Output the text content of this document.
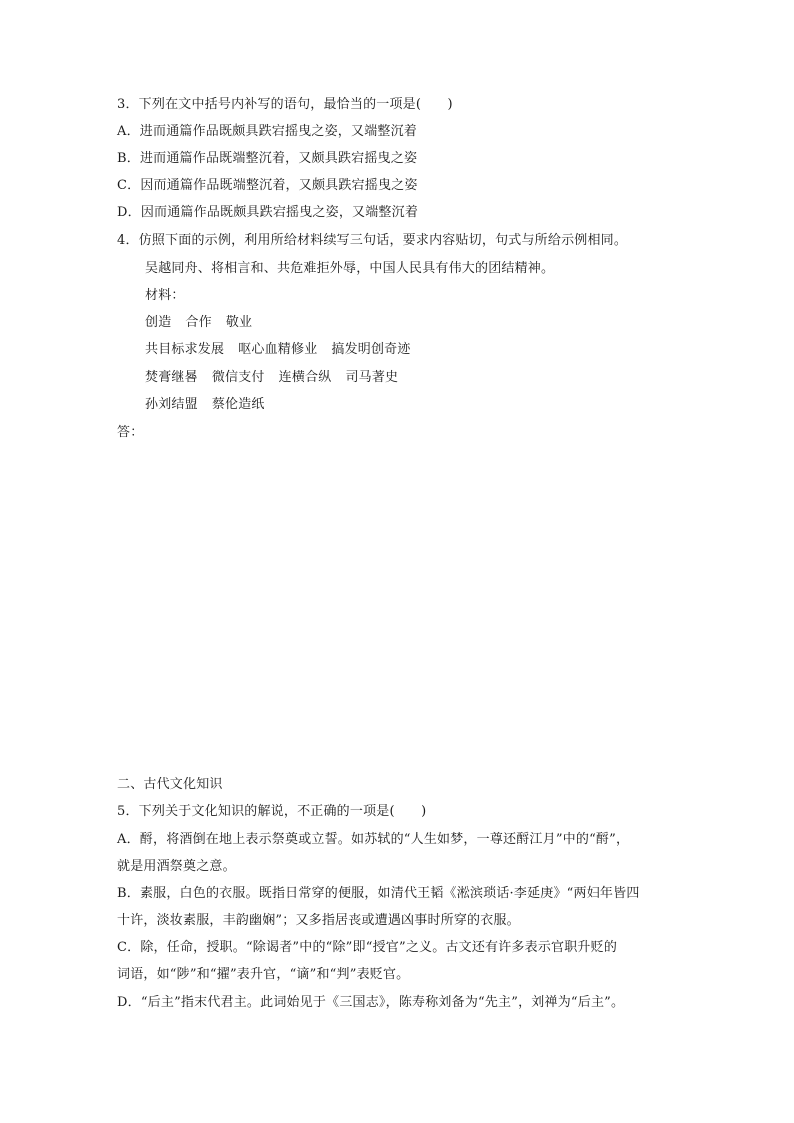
3．下列在文中括号内补写的语句，最恰当的一项是(　　)
A．进而通篇作品既颇具跌宕摇曳之姿，又端整沉着
B．进而通篇作品既端整沉着，又颇具跌宕摇曳之姿
C．因而通篇作品既端整沉着，又颇具跌宕摇曳之姿
D．因而通篇作品既颇具跌宕摇曳之姿，又端整沉着
4．仿照下面的示例，利用所给材料续写三句话，要求内容贴切，句式与所给示例相同。
吴越同舟、将相言和、共危难拒外辱，中国人民具有伟大的团结精神。
材料：
创造 合作 敬业
共目标求发展 呕心血精修业 搞发明创奇迹
焚膏继晷 微信支付 连横合纵 司马著史
孙刘结盟 蔡伦造纸
答：
二、古代文化知识
5．下列关于文化知识的解说，不正确的一项是(　　)
A．酹，将酒倒在地上表示祭奠或立誓。如苏轼的“人生如梦，一尊还酹江月”中的“酹”，
就是用酒祭奠之意。
B．素服，白色的衣服。既指日常穿的便服，如清代王韬《淞滨琐话·李延庚》“两妇年皆四
十许，淡妆素服，丰韵幽娴”；又多指居丧或遭遇凶事时所穿的衣服。
C．除，任命，授职。“除谒者”中的“除”即“授官”之义。古文还有许多表示官职升贬的
词语，如“陟”和“擢”表升官，“谪”和“判”表贬官。
D．“后主”指末代君主。此词始见于《三国志》，陈寿称刘备为“先主”，刘禅为“后主”。
